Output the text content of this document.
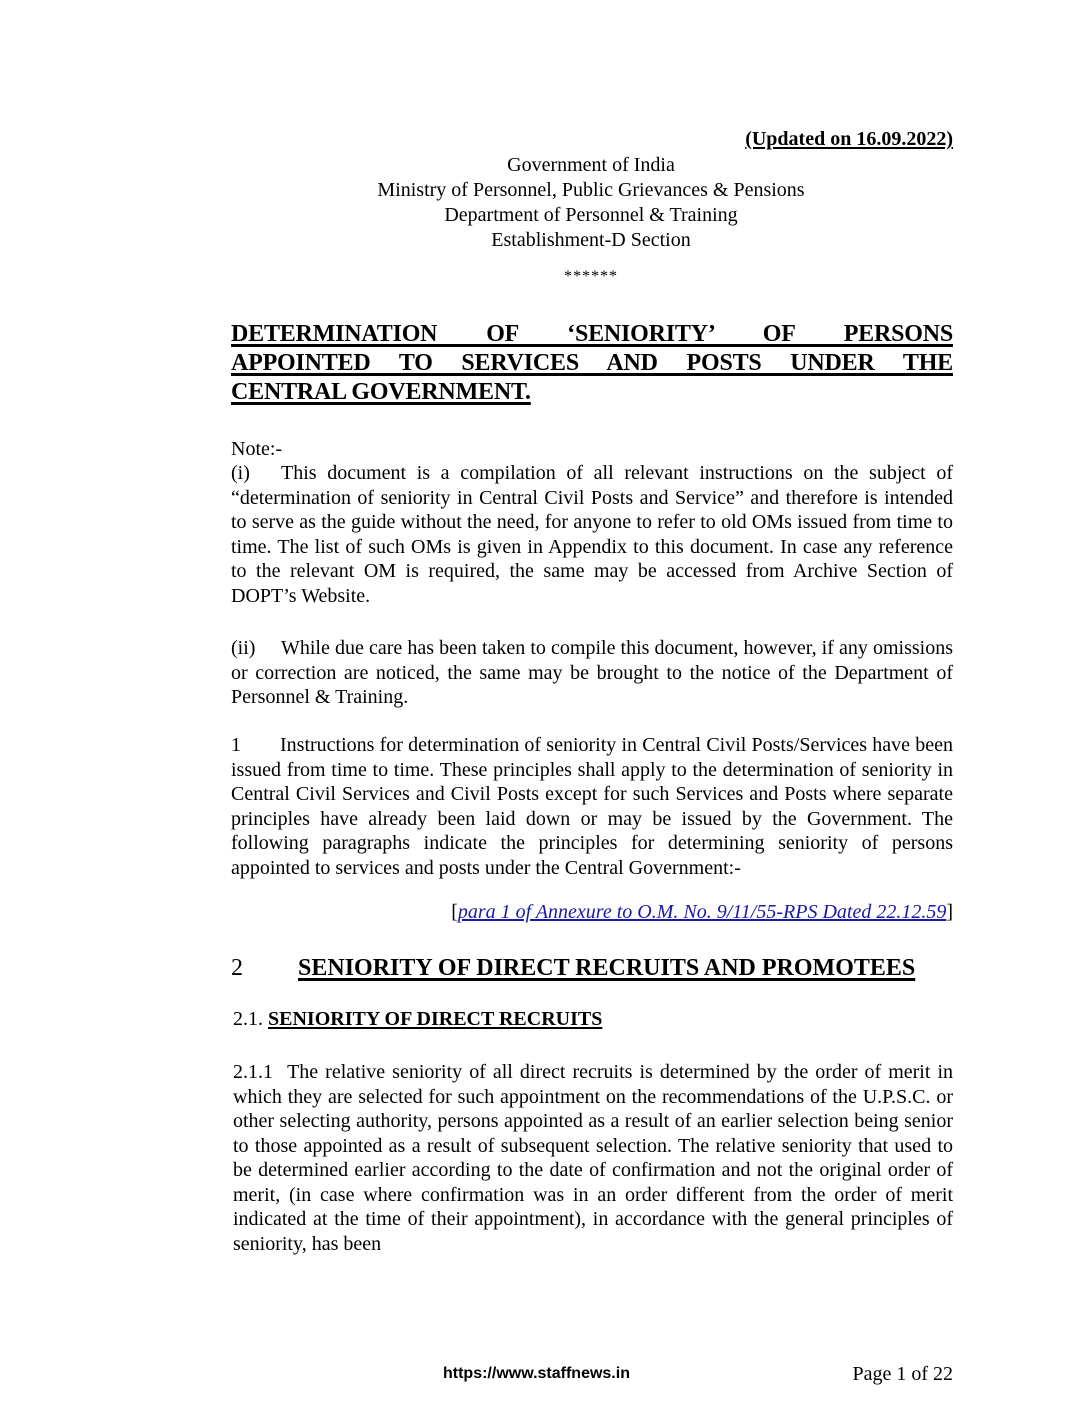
(Updated on 16.09.2022)
Government of India
Ministry of Personnel, Public Grievances & Pensions
Department of Personnel & Training
Establishment-D Section
******
DETERMINATION OF ‘SENIORITY’ OF PERSONS
APPOINTED TO SERVICES AND POSTS UNDER THE
CENTRAL GOVERNMENT.
Note:-
(i) This document is a compilation of all relevant instructions on the subject of “determination of seniority in Central Civil Posts and Service” and therefore is intended to serve as the guide without the need, for anyone to refer to old OMs issued from time to time. The list of such OMs is given in Appendix to this document. In case any reference to the relevant OM is required, the same may be accessed from Archive Section of DOPT’s Website.
(ii) While due care has been taken to compile this document, however, if any omissions or correction are noticed, the same may be brought to the notice of the Department of Personnel & Training.
1 Instructions for determination of seniority in Central Civil Posts/Services have been issued from time to time. These principles shall apply to the determination of seniority in Central Civil Services and Civil Posts except for such Services and Posts where separate principles have already been laid down or may be issued by the Government. The following paragraphs indicate the principles for determining seniority of persons appointed to services and posts under the Central Government:-
[para 1 of Annexure to O.M. No. 9/11/55-RPS Dated 22.12.59]
2 SENIORITY OF DIRECT RECRUITS AND PROMOTEES
2.1. SENIORITY OF DIRECT RECRUITS
2.1.1 The relative seniority of all direct recruits is determined by the order of merit in which they are selected for such appointment on the recommendations of the U.P.S.C. or other selecting authority, persons appointed as a result of an earlier selection being senior to those appointed as a result of subsequent selection. The relative seniority that used to be determined earlier according to the date of confirmation and not the original order of merit, (in case where confirmation was in an order different from the order of merit indicated at the time of their appointment), in accordance with the general principles of seniority, has been
https://www.staffnews.in	Page 1 of 22
